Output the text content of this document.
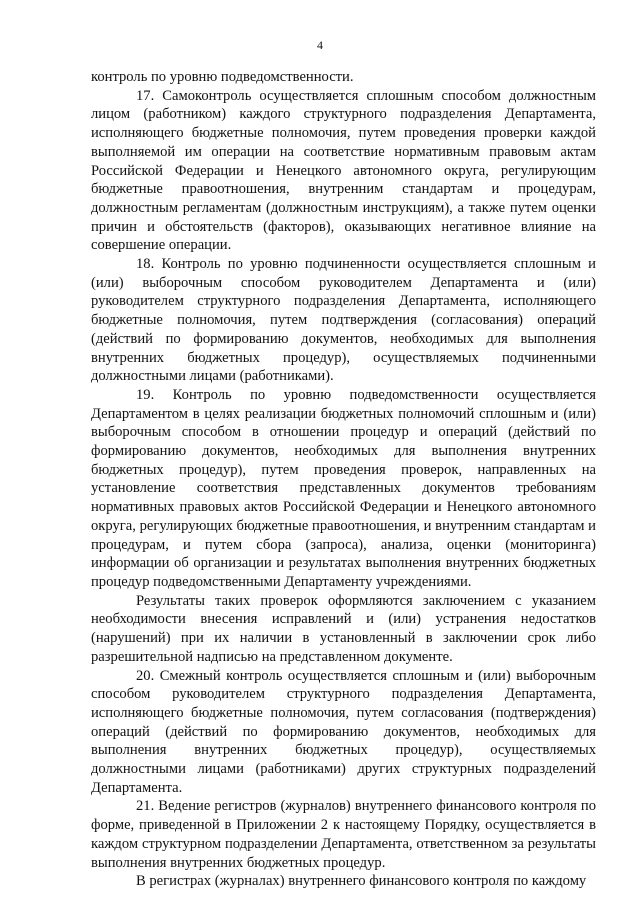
4

контроль по уровню подведомственности.

17. Самоконтроль осуществляется сплошным способом должностным лицом (работником) каждого структурного подразделения Департамента, исполняющего бюджетные полномочия, путем проведения проверки каждой выполняемой им операции на соответствие нормативным правовым актам Российской Федерации и Ненецкого автономного округа, регулирующим бюджетные правоотношения, внутренним стандартам и процедурам, должностным регламентам (должностным инструкциям), а также путем оценки причин и обстоятельств (факторов), оказывающих негативное влияние на совершение операции.

18. Контроль по уровню подчиненности осуществляется сплошным и (или) выборочным способом руководителем Департамента и (или) руководителем структурного подразделения Департамента, исполняющего бюджетные полномочия, путем подтверждения (согласования) операций (действий по формированию документов, необходимых для выполнения внутренних бюджетных процедур), осуществляемых подчиненными должностными лицами (работниками).

19. Контроль по уровню подведомственности осуществляется Департаментом в целях реализации бюджетных полномочий сплошным и (или) выборочным способом в отношении процедур и операций (действий по формированию документов, необходимых для выполнения внутренних бюджетных процедур), путем проведения проверок, направленных на установление соответствия представленных документов требованиям нормативных правовых актов Российской Федерации и Ненецкого автономного округа, регулирующих бюджетные правоотношения, и внутренним стандартам и процедурам, и путем сбора (запроса), анализа, оценки (мониторинга) информации об организации и результатах выполнения внутренних бюджетных процедур подведомственными Департаменту учреждениями.

Результаты таких проверок оформляются заключением с указанием необходимости внесения исправлений и (или) устранения недостатков (нарушений) при их наличии в установленный в заключении срок либо разрешительной надписью на представленном документе.

20. Смежный контроль осуществляется сплошным и (или) выборочным способом руководителем структурного подразделения Департамента, исполняющего бюджетные полномочия, путем согласования (подтверждения) операций (действий по формированию документов, необходимых для выполнения внутренних бюджетных процедур), осуществляемых должностными лицами (работниками) других структурных подразделений Департамента.

21. Ведение регистров (журналов) внутреннего финансового контроля по форме, приведенной в Приложении 2 к настоящему Порядку, осуществляется в каждом структурном подразделении Департамента, ответственном за результаты выполнения внутренних бюджетных процедур.

В регистрах (журналах) внутреннего финансового контроля по каждому
